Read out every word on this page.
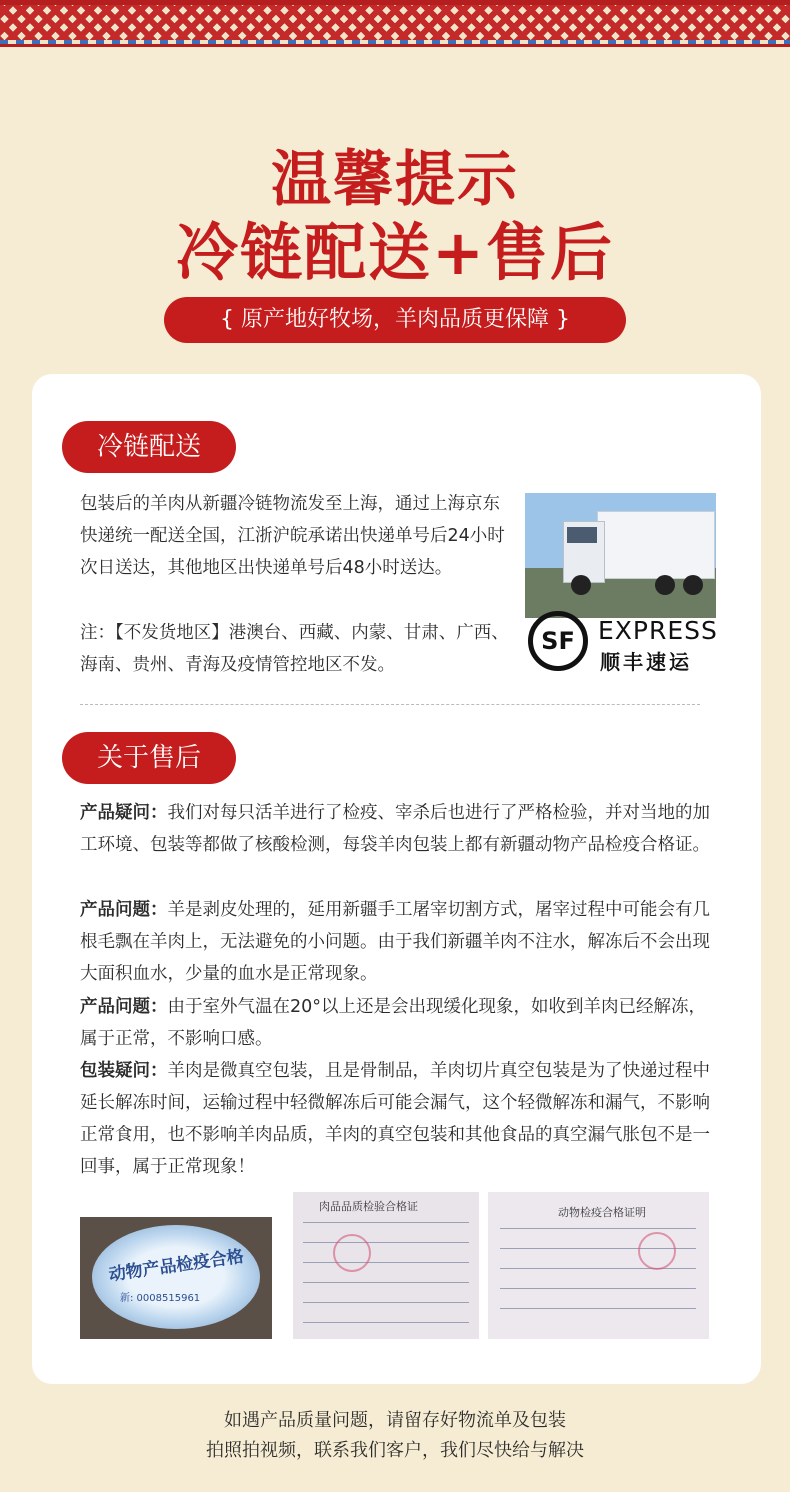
温馨提示
冷链配送+售后
{ 原产地好牧场，羊肉品质更保障 }
冷链配送
包装后的羊肉从新疆冷链物流发至上海，通过上海京东快递统一配送全国，江浙沪皖承诺出快递单号后24小时次日送达，其他地区出快递单号后48小时送达。
注：【不发货地区】港澳台、西藏、内蒙、甘肃、广西、海南、贵州、青海及疫情管控地区不发。
SF EXPRESS
顺丰速运
关于售后
产品疑问：我们对每只活羊进行了检疫、宰杀后也进行了严格检验，并对当地的加工环境、包装等都做了核酸检测，每袋羊肉包装上都有新疆动物产品检疫合格证。
产品问题：羊是剥皮处理的，延用新疆手工屠宰切割方式，屠宰过程中可能会有几根毛飘在羊肉上，无法避免的小问题。由于我们新疆羊肉不注水，解冻后不会出现大面积血水，少量的血水是正常现象。
产品问题：由于室外气温在20°以上还是会出现缓化现象，如收到羊肉已经解冻，属于正常，不影响口感。
包装疑问：羊肉是微真空包装，且是骨制品，羊肉切片真空包装是为了快递过程中延长解冻时间，运输过程中轻微解冻后可能会漏气，这个轻微解冻和漏气，不影响正常食用，也不影响羊肉品质，羊肉的真空包装和其他食品的真空漏气胀包不是一回事，属于正常现象！
动物产品检疫合格
新: 0008515961
肉品品质检验合格证	动物检疫合格证明
如遇产品质量问题，请留存好物流单及包装
拍照拍视频，联系我们客户，我们尽快给与解决
